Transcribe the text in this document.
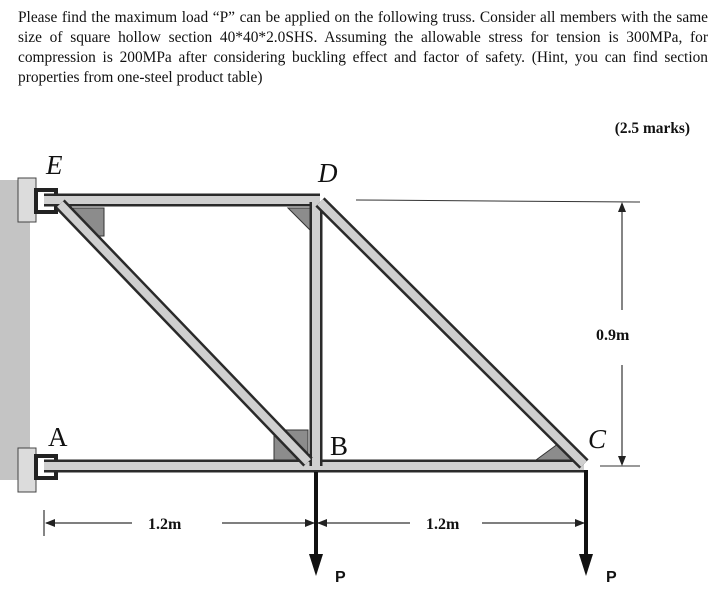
Please find the maximum load “P” can be applied on the following truss. Consider all members with the same size of square hollow section 40*40*2.0SHS. Assuming the allowable stress for tension is 300MPa, for compression is 200MPa after considering buckling effect and factor of safety. (Hint, you can find section properties from one-steel product table)

(2.5 marks)

E	D
A	B	C
0.9m
1.2m	1.2m
P	P
